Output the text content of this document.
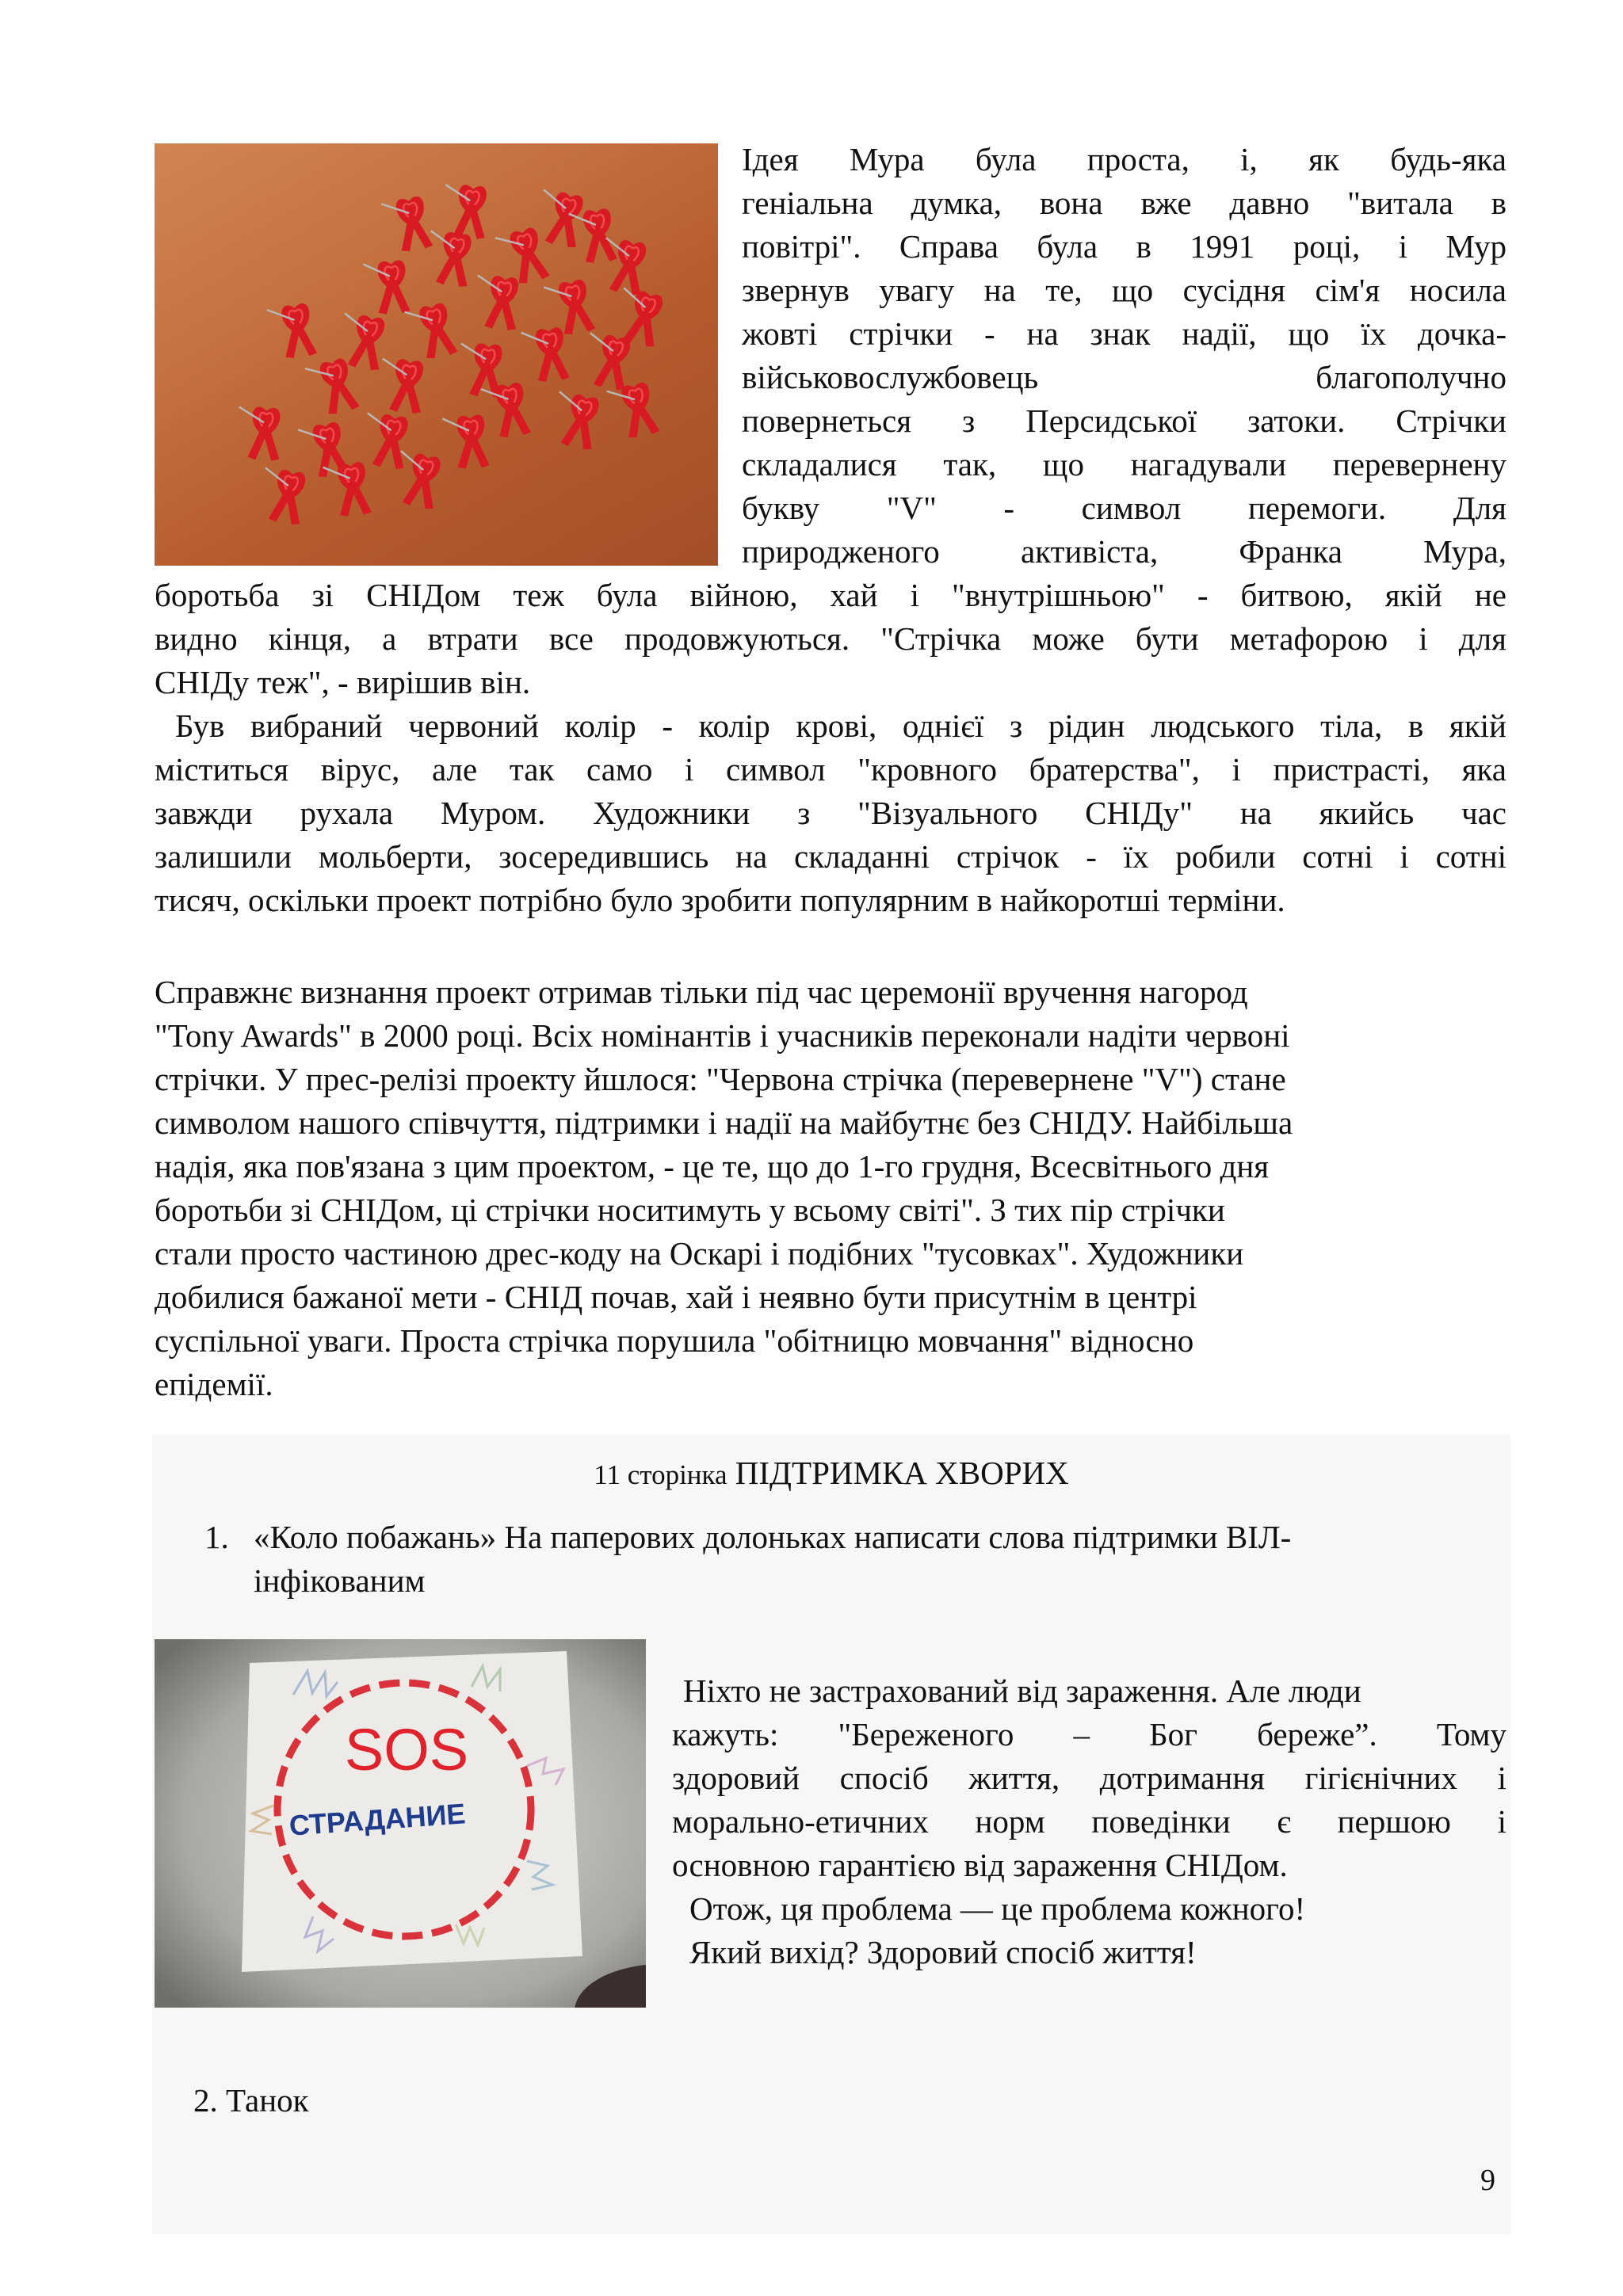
Ідея Мура була проста, і, як будь-яка
геніальна думка, вона вже давно "витала в
повітрі". Справа була в 1991 році, і Мур
звернув увагу на те, що сусідня сім'я носила
жовті стрічки - на знак надії, що їх дочка-
військовослужбовець благополучно
повернеться з Персидської затоки. Стрічки
складалися так, що нагадували перевернену
букву "V" - символ перемоги. Для
природженого активіста, Франка Мура,
боротьба зі СНІДом теж була війною, хай і "внутрішньою" - битвою, якій не
видно кінця, а втрати все продовжуються. "Стрічка може бути метафорою і для
СНІДу теж", - вирішив він.
Був вибраний червоний колір - колір крові, однієї з рідин людського тіла, в якій
міститься вірус, але так само і символ "кровного братерства", і пристрасті, яка
завжди рухала Муром. Художники з "Візуального СНІДу" на якийсь час
залишили мольберти, зосередившись на складанні стрічок - їх робили сотні і сотні
тисяч, оскільки проект потрібно було зробити популярним в найкоротші терміни.
Справжнє визнання проект отримав тільки під час церемонії вручення нагород
"Tony Awards" в 2000 році. Всіх номінантів і учасників переконали надіти червоні
стрічки. У прес-релізі проекту йшлося: "Червона стрічка (перевернене "V") стане
символом нашого співчуття, підтримки і надії на майбутнє без СНІДУ. Найбільша
надія, яка пов'язана з цим проектом, - це те, що до 1-го грудня, Всесвітнього дня
боротьби зі СНІДом, ці стрічки носитимуть у всьому світі". З тих пір стрічки
стали просто частиною дрес-коду на Оскарі і подібних "тусовках". Художники
добилися бажаної мети - СНІД почав, хай і неявно бути присутнім в центрі
суспільної уваги. Проста стрічка порушила "обітницю мовчання" відносно
епідемії.
11 сторінка ПІДТРИМКА ХВОРИХ
1. «Коло побажань» На паперових долоньках написати слова підтримки ВІЛ-
інфікованим
SOS
СТРАДАНИЕ
Ніхто не застрахований від зараження. Але люди
кажуть: "Береженого – Бог береже”. Тому
здоровий спосіб життя, дотримання гігієнічних і
морально-етичних норм поведінки є першою і
основною гарантією від зараження СНІДом.
Отож, ця проблема — це проблема кожного!
Який вихід? Здоровий спосіб життя!
2. Танок
9
